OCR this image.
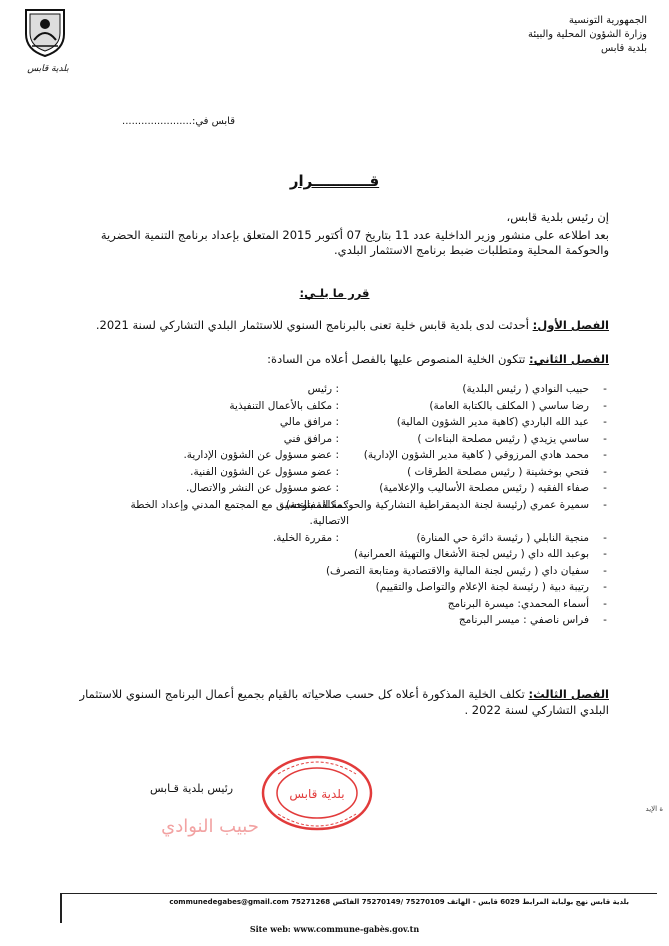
الجمهورية التونسية
وزارة الشؤون المحلية والبيئة
بلدية قابس
بلدية قابس
قابس في:......................
قـــــــــــرار
إن رئيس بلدية قابس،
بعد اطلاعه على منشور وزير الداخلية عدد 11 بتاريخ 07 أكتوبر 2015 المتعلق بإعداد برنامج التنمية الحضرية والحوكمة المحلية ومتطلبات ضبط برنامج الاستثمار البلدي.
قرر ما يلـي:
الفصل الأول: أحدثت لدى بلدية قابس خلية تعنى بالبرنامج السنوي للاستثمار البلدي التشاركي لسنة 2021.
الفصل الثاني: تتكون الخلية المنصوص عليها بالفصل أعلاه من السادة:
-
حبيب النوادي ( رئيس البلدية)
: رئيس
-
رضا ساسي ( المكلف بالكتابة العامة)
: مكلف بالأعمال التنفيذية
-
عبد الله الباردي (كاهية مدير الشؤون المالية)
: مرافق مالي
-
ساسي يزيدي ( رئيس مصلحة البناءات )
: مرافق فني
-
محمد هادي المرزوقي ( كاهية مدير الشؤون الإدارية)
: عضو مسؤول عن الشؤون الإدارية.
-
فتحي بوخشينة ( رئيس مصلحة الطرقات )
: عضو مسؤول عن الشؤون الفنية.
-
صفاء الفقيه ( رئيس مصلحة الأساليب والإعلامية)
: عضو مسؤول عن النشر والاتصال.
-
سميرة عمري (رئيسة لجنة الديمقراطية التشاركية والحوكمة المفتوحة)
: مكلفة بالتنسيق مع المجتمع المدني وإعداد الخطة الاتصالية.
-
منجية النابلي ( رئيسة دائرة حي المنارة)
: مقررة الخلية.
-
بوعبد الله داي ( رئيس لجنة الأشغال والتهيئة العمرانية)
-
سفيان داي ( رئيس لجنة المالية والاقتصادية ومتابعة التصرف)
-
رتيبة دبية ( رئيسة لجنة الإعلام والتواصل والتقييم)
-
أسماء المحمدي: ميسرة البرنامج
-
فراس ناصفي : ميسر البرنامج
الفصل الثالث: تكلف الخلية المذكورة أعلاه كل حسب صلاحياته بالقيام بجميع أعمال البرنامج السنوي للاستثمار البلدي التشاركي لسنة 2022 .
رئيس بلدية قـابس
حبيب النوادي
بلدية قابس
ة الإيد
بلدية قابس نهج بولبابة المرابط 6029 قابس - الهاتف 75270109 /75270149 الفاكس 75271268 communedegabes@gmail.com
Site web: www.commune-gabès.gov.tn
